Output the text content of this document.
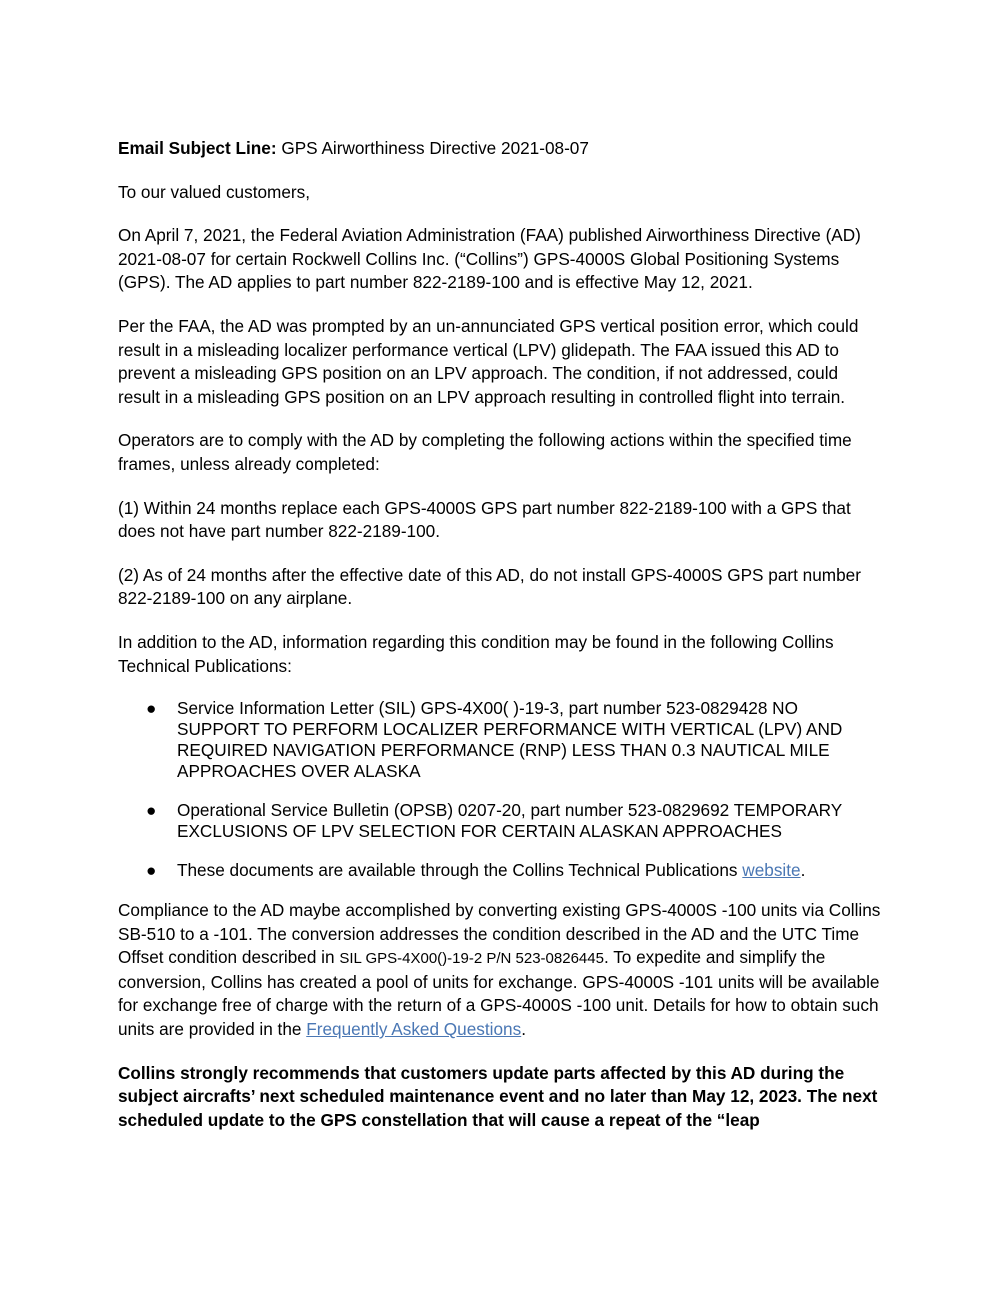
Email Subject Line: GPS Airworthiness Directive 2021-08-07

To our valued customers,

On April 7, 2021, the Federal Aviation Administration (FAA) published Airworthiness Directive (AD) 2021-08-07 for certain Rockwell Collins Inc. (“Collins”) GPS-4000S Global Positioning Systems (GPS). The AD applies to part number 822-2189-100 and is effective May 12, 2021.

Per the FAA, the AD was prompted by an un-annunciated GPS vertical position error, which could result in a misleading localizer performance vertical (LPV) glidepath. The FAA issued this AD to prevent a misleading GPS position on an LPV approach. The condition, if not addressed, could result in a misleading GPS position on an LPV approach resulting in controlled flight into terrain.

Operators are to comply with the AD by completing the following actions within the specified time frames, unless already completed:

(1) Within 24 months replace each GPS-4000S GPS part number 822-2189-100 with a GPS that does not have part number 822-2189-100.

(2) As of 24 months after the effective date of this AD, do not install GPS-4000S GPS part number 822-2189-100 on any airplane.

In addition to the AD, information regarding this condition may be found in the following Collins Technical Publications:

● Service Information Letter (SIL) GPS-4X00( )-19-3, part number 523-0829428 NO SUPPORT TO PERFORM LOCALIZER PERFORMANCE WITH VERTICAL (LPV) AND REQUIRED NAVIGATION PERFORMANCE (RNP) LESS THAN 0.3 NAUTICAL MILE APPROACHES OVER ALASKA
● Operational Service Bulletin (OPSB) 0207-20, part number 523-0829692 TEMPORARY EXCLUSIONS OF LPV SELECTION FOR CERTAIN ALASKAN APPROACHES
● These documents are available through the Collins Technical Publications website.

Compliance to the AD maybe accomplished by converting existing GPS-4000S -100 units via Collins SB-510 to a -101. The conversion addresses the condition described in the AD and the UTC Time Offset condition described in SIL GPS-4X00()-19-2 P/N 523-0826445. To expedite and simplify the conversion, Collins has created a pool of units for exchange. GPS-4000S -101 units will be available for exchange free of charge with the return of a GPS-4000S -100 unit. Details for how to obtain such units are provided in the Frequently Asked Questions.

Collins strongly recommends that customers update parts affected by this AD during the subject aircrafts’ next scheduled maintenance event and no later than May 12, 2023. The next scheduled update to the GPS constellation that will cause a repeat of the “leap
